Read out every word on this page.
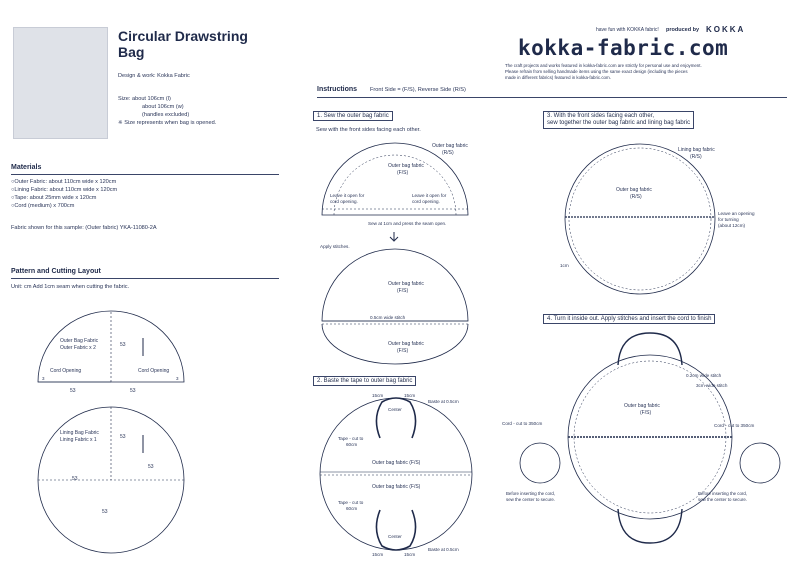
Circular Drawstring
Bag
Design & work: Kokka Fabric
Size: about 106cm (l)
about 106cm (w)
(handles excluded)
※ Size represents when bag is opened.
Materials
○Outer Fabric: about 110cm wide x 120cm
○Lining Fabric: about 110cm wide x 120cm
○Tape: about 25mm wide x 120cm
○Cord (medium) x 700cm
Fabric shown for this sample: (Outer fabric) YKA-11080-2A
Pattern and Cutting Layout
Unit: cm Add 1cm seam when cutting the fabric.
Outer Bag Fabric
Outer Fabric x 2	53
53	53
Cord Opening	Cord Opening
3	3
Lining Bag Fabric
Lining Fabric x 1	53
53
53
53
have fun with KOKKA fabric! produced by KOKKA
kokka-fabric.com
The craft projects and works featured in kokka-fabric.com are strictly for personal use and enjoyment.
Please refrain from selling handmade items using the same exact design (including the pieces
made in different fabrics) featured in kokka-fabric.com.
Instructions Front Side = (F/S), Reverse Side (R/S)
1. Sew the outer bag fabric
Sew with the front sides facing each other.
Outer bag fabric
(F/S)
Outer bag fabric
(R/S)
Leave it open for
cord opening.
Leave it open for
cord opening.
Sew at 1cm and press the seam open.
Apply stitches.
Outer bag fabric
(F/S)
0.5cm wide stitch
Outer bag fabric
(F/S)
2. Baste the tape to outer bag fabric
15cm	15cm
Center
Baste at 0.5cm
Tape - cut to
60cm
Outer bag fabric (F/S)
Outer bag fabric (F/S)
Tape - cut to
60cm
Center
15cm	15cm
Baste at 0.5cm
3. With the front sides facing each other,
sew together the outer bag fabric and lining bag fabric
Lining bag fabric
(R/S)
Outer bag fabric
(R/S)
Leave an opening
for turning
(about 12cm)
1cm
4. Turn it inside out. Apply stitches and insert the cord to finish
0.2cm wide stitch
3cm wide stitch
Outer bag fabric
(F/S)
Cord - cut to 350cm	Cord - cut to 350cm
Before inserting the cord,
sew the center to secure.
Before inserting the cord,
sew the center to secure.
